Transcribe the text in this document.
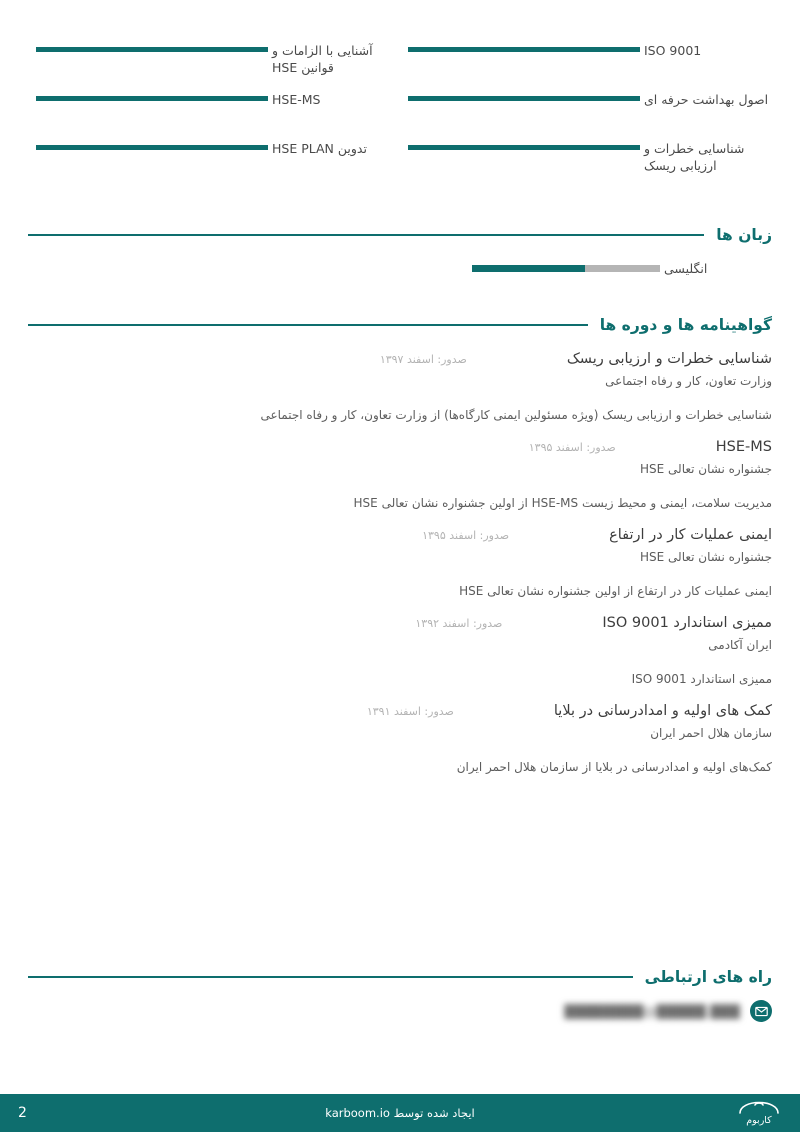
ISO 9001
اصول بهداشت حرفه ای
شناسایی خطرات و ارزیابی ریسک
آشنایی با الزامات و قوانین HSE
HSE-MS
تدوین HSE PLAN
زبان ها
انگلیسی
گواهینامه ها و دوره ها
شناسایی خطرات و ارزیابی ریسک
صدور: اسفند ۱۳۹۷
وزارت تعاون، کار و رفاه اجتماعی
شناسایی خطرات و ارزیابی ریسک (ویژه مسئولین ایمنی کارگاه‌ها) از وزارت تعاون، کار و رفاه اجتماعی
HSE-MS
صدور: اسفند ۱۳۹۵
جشنواره نشان تعالی HSE
مدیریت سلامت، ایمنی و محیط زیست HSE-MS از اولین جشنواره نشان تعالی HSE
ایمنی عملیات کار در ارتفاع
صدور: اسفند ۱۳۹۵
جشنواره نشان تعالی HSE
ایمنی عملیات کار در ارتفاع از اولین جشنواره نشان تعالی HSE
ممیزی استاندارد ISO 9001
صدور: اسفند ۱۳۹۲
ایران آکادمی
ممیزی استاندارد ISO 9001
کمک های اولیه و امدادرسانی در بلایا
صدور: اسفند ۱۳۹۱
سازمان هلال احمر ایران
کمک‌های اولیه و امدادرسانی در بلایا از سازمان هلال احمر ایران
راه های ارتباطی
████████@█████.███
کاربوم
ایجاد شده توسط karboom.io
2
